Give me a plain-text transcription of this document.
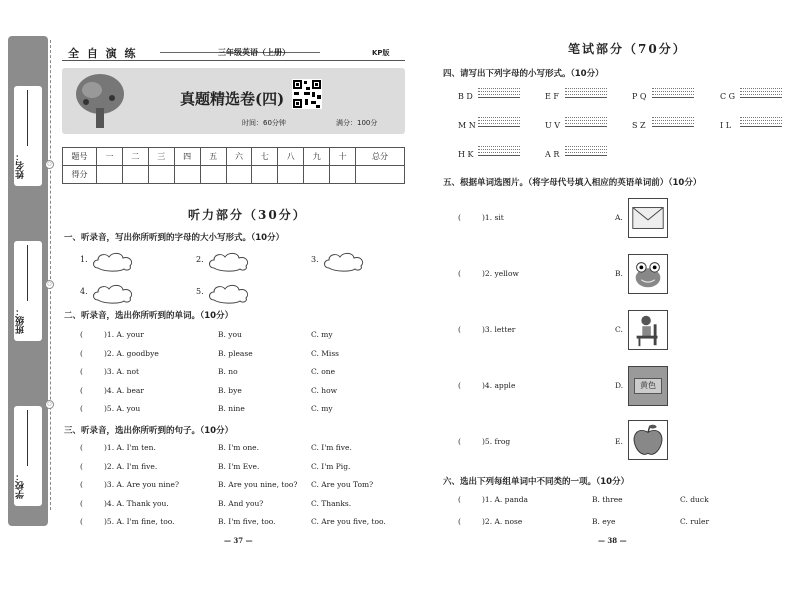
姓名：
班级：
学校：
○
○
○
全 自 演 练	三年级英语（上册）	KP版
真题精选卷(四)
时间：60分钟	满分：100分
题号	一	二	三	四	五	六	七	八	九	十	总分
得分											
听力部分（30分）
一、听录音，写出你所听到的字母的大小写形式。（10分）
1.	2.	3.
4.	5.
二、听录音，选出你所听到的单词。（10分）
(	)1. A. your	B. you	C. my
(	)2. A. goodbye	B. please	C. Miss
(	)3. A. not	B. no	C. one
(	)4. A. bear	B. bye	C. how
(	)5. A. you	B. nine	C. my
三、听录音，选出你所听到的句子。（10分）
(	)1. A. I'm ten.	B. I'm one.	C. I'm five.
(	)2. A. I'm five.	B. I'm Eve.	C. I'm Pig.
(	)3. A. Are you nine?	B. Are you nine, too? C. Are you Tom?
(	)4. A. Thank you.	B. And you?	C. Thanks.
(	)5. A. I'm fine, too.	B. I'm five, too.	C. Are you five, too.
— 37 —
笔试部分（70分）
四、请写出下列字母的小写形式。（10分）
B D	E F	P Q	C G
M N	U V	S Z	I L
H K	A R
五、根据单词选图片。（将字母代号填入相应的英语单词前）（10分）
(	)1. sit	A.
(	)2. yellow	B.
(	)3. letter	C.
(	)4. apple	D.
(	)5. frog	E.
黄色
六、选出下列每组单词中不同类的一项。（10分）
(	)1. A. panda	B. three	C. duck
(	)2. A. nose	B. eye	C. ruler
— 38 —
